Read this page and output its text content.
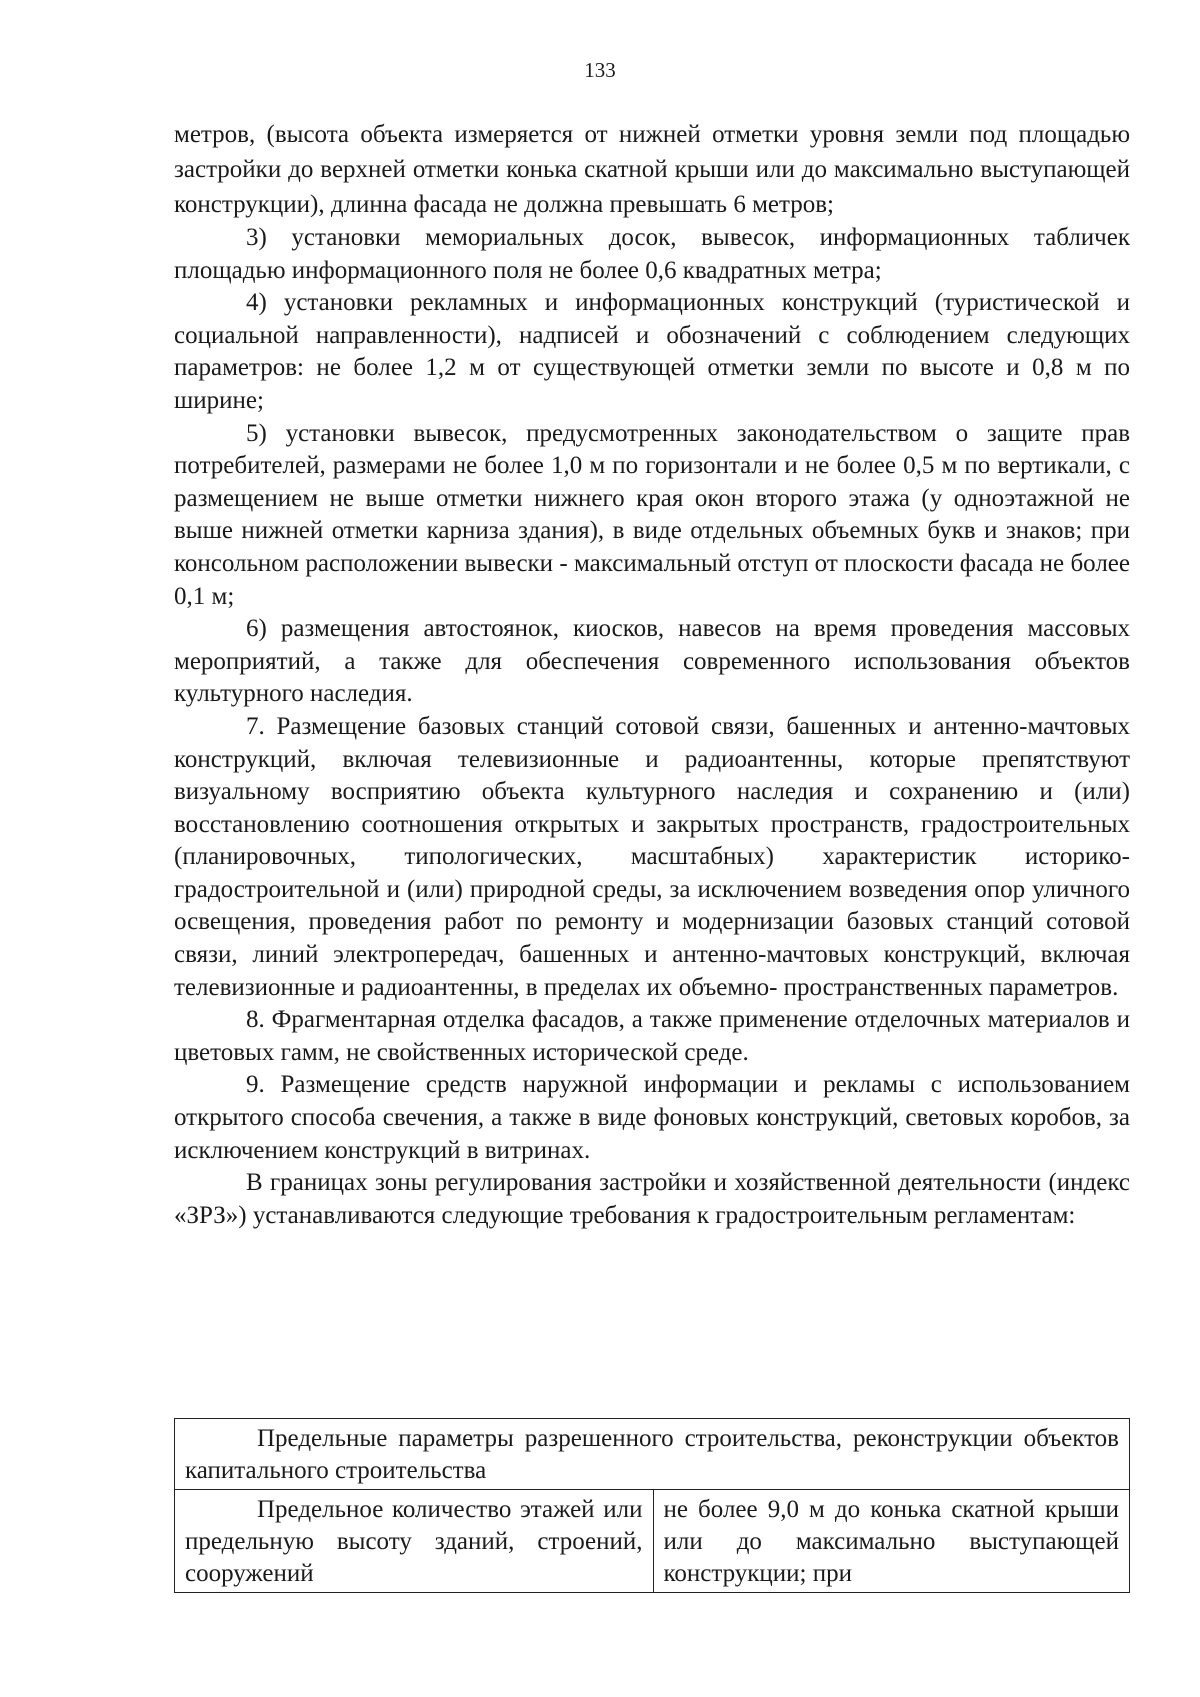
133

метров, (высота объекта измеряется от нижней отметки уровня земли под площадью застройки до верхней отметки конька скатной крыши или до максимально выступающей конструкции), длинна фасада не должна превышать 6 метров;

3) установки мемориальных досок, вывесок, информационных табличек площадью информационного поля не более 0,6 квадратных метра;

4) установки рекламных и информационных конструкций (туристической и социальной направленности), надписей и обозначений с соблюдением следующих параметров: не более 1,2 м от существующей отметки земли по высоте и 0,8 м по ширине;

5) установки вывесок, предусмотренных законодательством о защите прав потребителей, размерами не более 1,0 м по горизонтали и не более 0,5 м по вертикали, с размещением не выше отметки нижнего края окон второго этажа (у одноэтажной не выше нижней отметки карниза здания), в виде отдельных объемных букв и знаков; при консольном расположении вывески - максимальный отступ от плоскости фасада не более 0,1 м;

6) размещения автостоянок, киосков, навесов на время проведения массовых мероприятий, а также для обеспечения современного использования объектов культурного наследия.

7. Размещение базовых станций сотовой связи, башенных и антенно-мачтовых конструкций, включая телевизионные и радиоантенны, которые препятствуют визуальному восприятию объекта культурного наследия и сохранению и (или) восстановлению соотношения открытых и закрытых пространств, градостроительных (планировочных, типологических, масштабных) характеристик историко-градостроительной и (или) природной среды, за исключением возведения опор уличного освещения, проведения работ по ремонту и модернизации базовых станций сотовой связи, линий электропередач, башенных и антенно-мачтовых конструкций, включая телевизионные и радиоантенны, в пределах их объемно- пространственных параметров.

8. Фрагментарная отделка фасадов, а также применение отделочных материалов и цветовых гамм, не свойственных исторической среде.

9. Размещение средств наружной информации и рекламы с использованием открытого способа свечения, а также в виде фоновых конструкций, световых коробов, за исключением конструкций в витринах.

В границах зоны регулирования застройки и хозяйственной деятельности (индекс «ЗРЗ») устанавливаются следующие требования к градостроительным регламентам:

Предельные параметры разрешенного строительства, реконструкции объектов капитального строительства
Предельное количество этажей или предельную высоту зданий, строений, сооружений	не более 9,0 м до конька скатной крыши или до максимально выступающей конструкции; при
